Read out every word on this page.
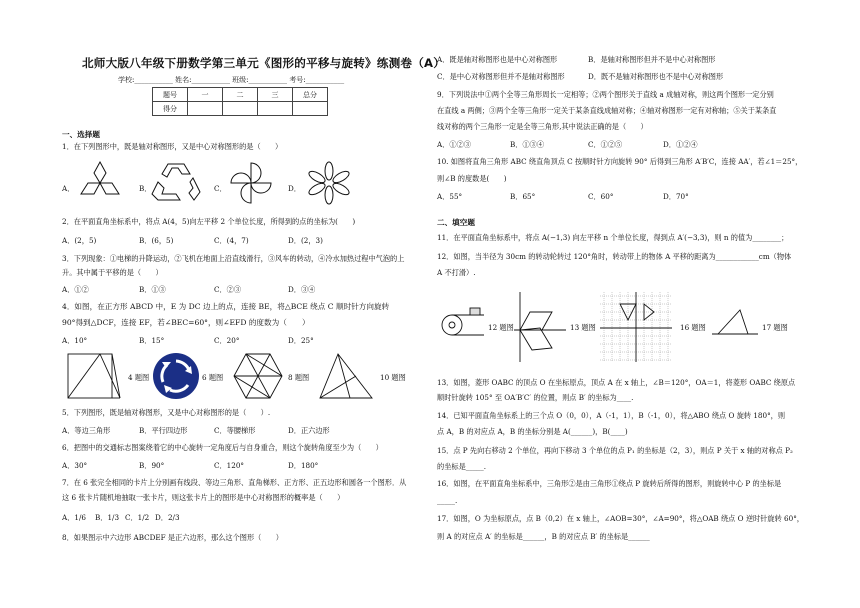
北师大版八年级下册数学第三单元《图形的平移与旋转》练测卷（A）
学校:___________ 姓名:___________ 班级:___________ 考号:___________
题号	一	二	三	总分
得分				
一、选择题
1．在下列图形中，既是轴对称图形，又是中心对称图形的是（　　）
A．	B．	C．	D．
2．在平面直角坐标系中，将点 A(4，5)向左平移 2 个单位长度，所得到的点的坐标为(　　)
A．(2，5)	B．(6，5)	C．(4，7)	D．(2，3)
3．下列现象：①电梯的升降运动，②飞机在地面上沿直线滑行，③风车的转动，④冷水加热过程中气泡的上
升。其中属于平移的是（　　）
A．①②	B．①③	C．②③	D．③④
4．如图，在正方形 ABCD 中，E 为 DC 边上的点，连接 BE，将△BCE 绕点 C 顺时针方向旋转
90°得到△DCF，连接 EF，若∠BEC=60°，则∠EFD 的度数为（　　）
A．10°	B．15°	C．20°	D．25°
4 题图	6 题图	8 题图	10 题图
5．下列图形，既是轴对称图形，又是中心对称图形的是（　　）.
A．等边三角形	B．平行四边形	C．等腰梯形	D．正六边形
6．把图中的交通标志图案绕着它的中心旋转一定角度后与自身重合，则这个旋转角度至少为（　　）
A．30°	B．90°	C．120°	D．180°
7．在 6 张完全相同的卡片上分别画有线段、等边三角形、直角梯形、正方形、正五边形和圆各一个图形．从
这 6 张卡片随机地抽取一张卡片，则这张卡片上的图形是中心对称图形的概率是（　　）
A．1/6 B．1/3 C．1/2 D．2/3
8．如果图示中六边形 ABCDEF 是正六边形，那么这个图形（　　）
A．既是轴对称图形也是中心对称图形	B．是轴对称图形但并不是中心对称图形
C．是中心对称图形但并不是轴对称图形	D．既不是轴对称图形也不是中心对称图形
9．下列说法中①两个全等三角形周长一定相等；②两个图形关于直线 a 成轴对称，则这两个图形一定分别
在直线 a 两侧；③两个全等三角形一定关于某条直线成轴对称；④轴对称图形一定有对称轴；⑤关于某条直
线对称的两个三角形一定是全等三角形,其中说法正确的是（　　）
A．①②③	B．①③④	C．①②⑤	D．①②④
10. 如图将直角三角形 ABC 绕直角顶点 C 按顺时针方向旋转 90° 后得到三角形 A′B′C，连接 AA′，若∠1＝25°，
则∠B 的度数是(　　)
A．55°	B．65°	C．60°	D．70°
二、填空题
11．在平面直角坐标系中，将点 A(−1,3) 向左平移 n 个单位长度，得到点 A′(−3,3)，则 n 的值为________；
12．如图，当半径为 30cm 的转动轮转过 120°角时，转动带上的物体 A 平移的距离为____________cm（物体
A 不打滑）.
12 题图	13 题图	16 题图	17 题图
13．如图，菱形 OABC 的顶点 O 在坐标原点，顶点 A 在 x 轴上，∠B＝120°，OA＝1，将菱形 OABC 绕原点
顺时针旋转 105° 至 OA′B′C′ 的位置，则点 B′ 的坐标为____.
14．已知平面直角坐标系上的三个点 O（0，0），A（-1，1），B（-1，0），将△ABO 绕点 O 旋转 180°，则
点 A，B 的对应点 A，B 的坐标分别是 A(______)，B(____)
15．点 P 先向右移动 2 个单位，再向下移动 3 个单位的点 P₁ 的坐标是（2，3），则点 P 关于 x 轴的对称点 P₂
的坐标是_____.
16．如图，在平面直角坐标系中，三角形②是由三角形①绕点 P 旋转后所得的图形，则旋转中心 P 的坐标是
_____.
17．如图，O 为坐标原点，点 B（0,2）在 x 轴上，∠AOB=30°，∠A=90°，将△OAB 绕点 O 逆时针旋转 60°，
则 A 的对应点 A′ 的坐标是______，B 的对应点 B′ 的坐标是______
